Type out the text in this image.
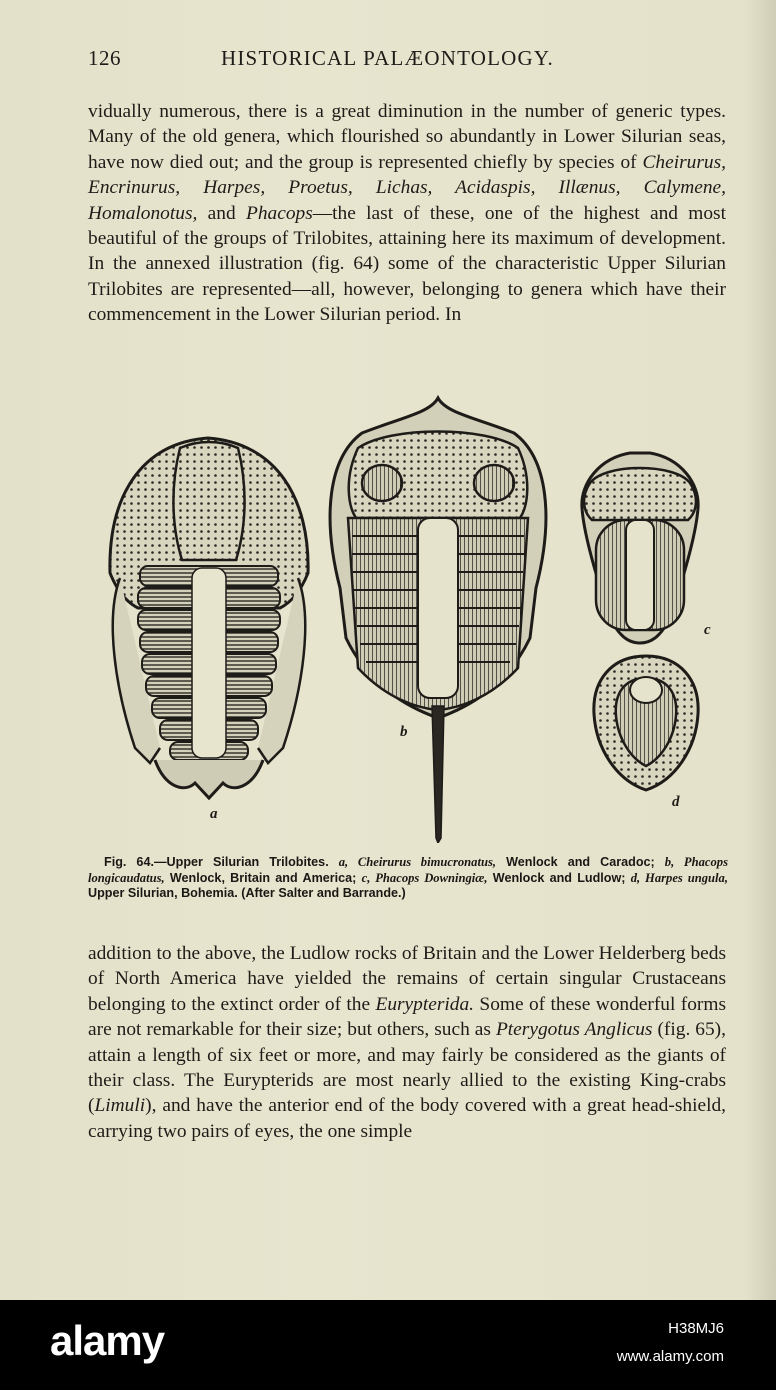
126	HISTORICAL PALÆONTOLOGY.

vidually numerous, there is a great diminution in the number of generic types. Many of the old genera, which flourished so abundantly in Lower Silurian seas, have now died out; and the group is represented chiefly by species of Cheirurus, Encrinurus, Harpes, Proetus, Lichas, Acidaspis, Illænus, Calymene, Homalonotus, and Phacops—the last of these, one of the highest and most beautiful of the groups of Trilobites, attaining here its maximum of development. In the annexed illustration (fig. 64) some of the characteristic Upper Silurian Trilobites are represented—all, however, belonging to genera which have their commencement in the Lower Silurian period. In

a
b
c
d
Fig. 64.—Upper Silurian Trilobites. a, Cheirurus bimucronatus, Wenlock and Caradoc; b, Phacops longicaudatus, Wenlock, Britain and America; c, Phacops Downingiæ, Wenlock and Ludlow; d, Harpes ungula, Upper Silurian, Bohemia. (After Salter and Barrande.)

addition to the above, the Ludlow rocks of Britain and the Lower Helderberg beds of North America have yielded the remains of certain singular Crustaceans belonging to the extinct order of the Eurypterida. Some of these wonderful forms are not remarkable for their size; but others, such as Pterygotus Anglicus (fig. 65), attain a length of six feet or more, and may fairly be considered as the giants of their class. The Eurypterids are most nearly allied to the existing King-crabs (Limuli), and have the anterior end of the body covered with a great head-shield, carrying two pairs of eyes, the one simple

alamy	H38MJ6
www.alamy.com
